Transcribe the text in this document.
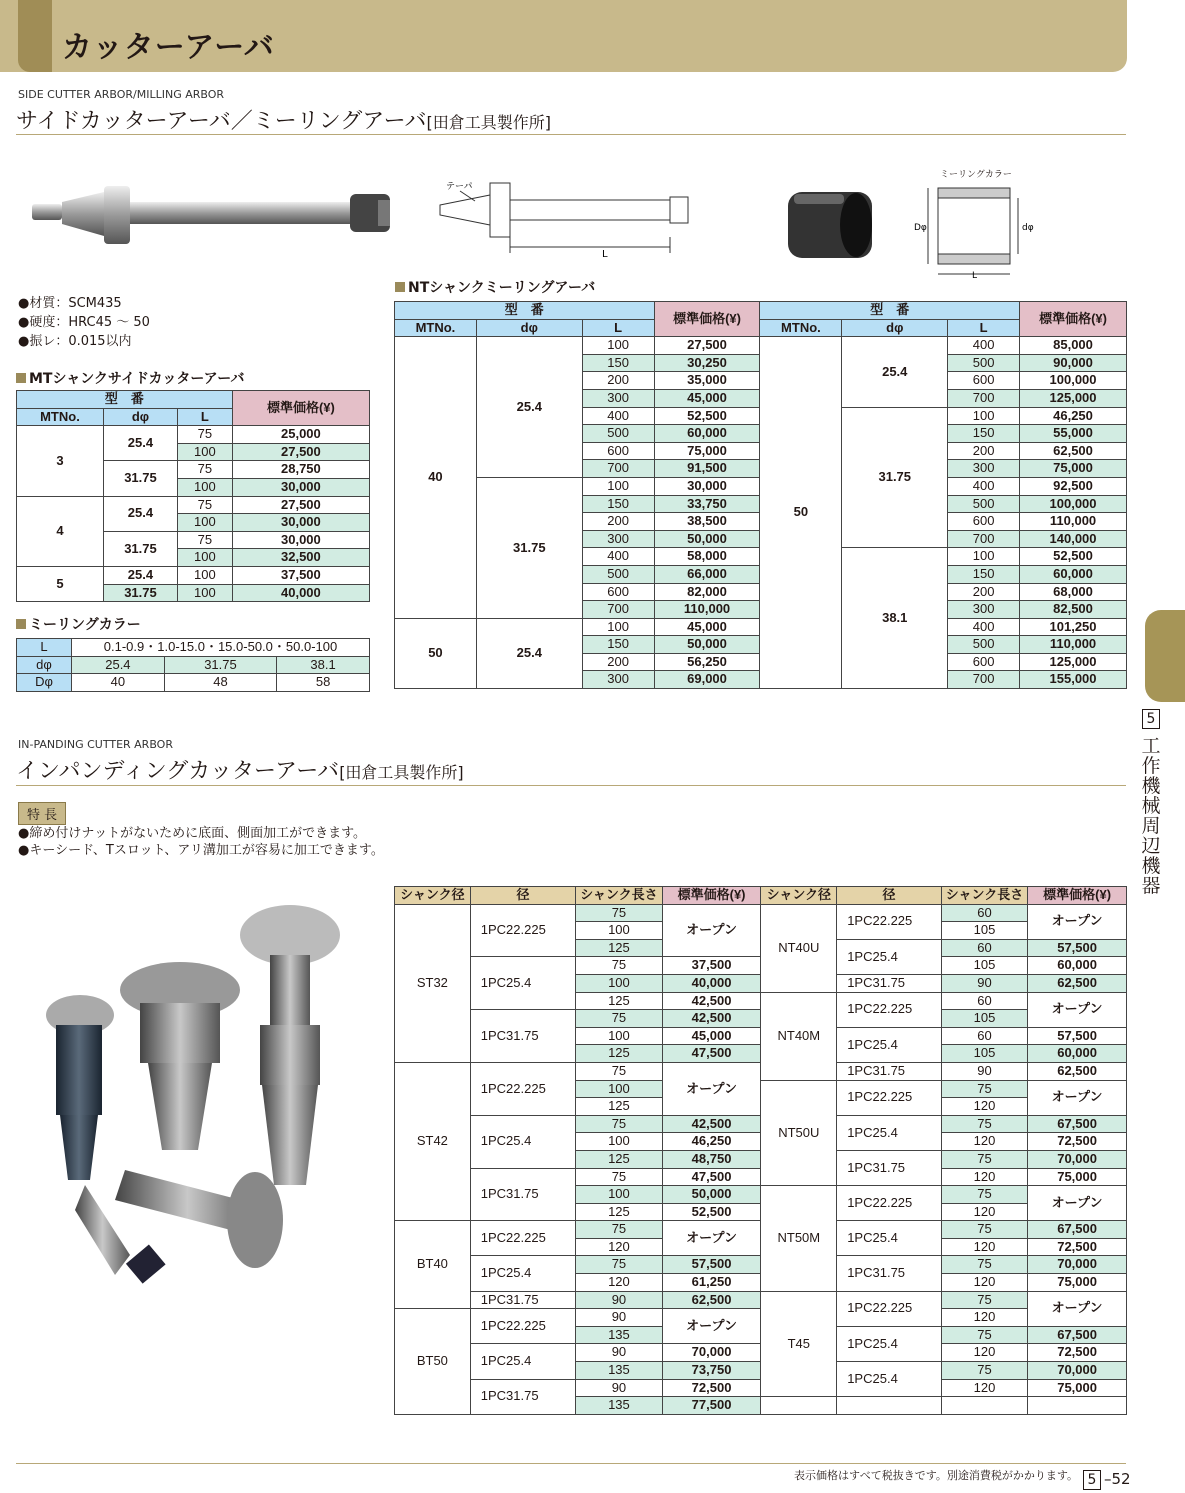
カッターアーバ
SIDE CUTTER ARBOR/MILLING ARBOR
サイドカッターアーバ／ミーリングアーバ[田倉工具製作所]
テーパ
L
ミーリングカラー
Dφ	dφ
L
●材質：SCM435
●硬度：HRC45 ～ 50
●振レ：0.015以内
MTシャンクサイドカッターアーバ
型　番			標準価格(¥)
MTNo.	dφ	L	
3	25.4	75	25,000
		100	27,500
	31.75	75	28,750
		100	30,000
4	25.4	75	27,500
		100	30,000
	31.75	75	30,000
		100	32,500
5	25.4	100	37,500
	31.75	100	40,000
ミーリングカラー
L	0.1-0.9・1.0-15.0・15.0-50.0・50.0-100		
dφ	25.4	31.75	38.1
Dφ	40	48	58
NTシャンクミーリングアーバ
型　番			標準価格(¥)	型　番			標準価格(¥)
MTNo.	dφ	L		MTNo.	dφ	L	
40	25.4	100	27,500	50	25.4	400	85,000
		150	30,250			500	90,000
		200	35,000			600	100,000
		300	45,000			700	125,000
		400	52,500		31.75	100	46,250
		500	60,000			150	55,000
		600	75,000			200	62,500
		700	91,500			300	75,000
	31.75	100	30,000			400	92,500
		150	33,750			500	100,000
		200	38,500			600	110,000
		300	50,000			700	140,000
		400	58,000		38.1	100	52,500
		500	66,000			150	60,000
		600	82,000			200	68,000
		700	110,000			300	82,500
50	25.4	100	45,000			400	101,250
		150	50,000			500	110,000
		200	56,250			600	125,000
		300	69,000			700	155,000
IN-PANDING CUTTER ARBOR
インパンディングカッターアーバ[田倉工具製作所]
特 長
●締め付けナットがないために底面、側面加工ができます。
●キーシード、Tスロット、アリ溝加工が容易に加工できます。
シャンク径	径	シャンク長さ	標準価格(¥)	シャンク径	径	シャンク長さ	標準価格(¥)
ST32	1PC22.225	75	オープン	NT40U	1PC22.225	60	オープン
		100				105	
		125			1PC25.4	60	57,500
	1PC25.4	75	37,500			105	60,000
		100	40,000		1PC31.75	90	62,500
		125	42,500	NT40M	1PC22.225	60	オープン
	1PC31.75	75	42,500			105	
		100	45,000		1PC25.4	60	57,500
		125	47,500			105	60,000
ST42	1PC22.225	75	オープン		1PC31.75	90	62,500
		100		NT50U	1PC22.225	75	オープン
		125				120	
	1PC25.4	75	42,500		1PC25.4	75	67,500
		100	46,250			120	72,500
		125	48,750		1PC31.75	75	70,000
	1PC31.75	75	47,500			120	75,000
		100	50,000	NT50M	1PC22.225	75	オープン
		125	52,500			120	
BT40	1PC22.225	75	オープン		1PC25.4	75	67,500
		120				120	72,500
	1PC25.4	75	57,500		1PC31.75	75	70,000
		120	61,250			120	75,000
	1PC31.75	90	62,500	T45	1PC22.225	75	オープン
BT50	1PC22.225	90	オープン			120	
		135			1PC25.4	75	67,500
	1PC25.4	90	70,000			120	72,500
		135	73,750		1PC25.4	75	70,000
	1PC31.75	90	72,500			120	75,000
		135	77,500				
5
工作機械周辺機器
表示価格はすべて税抜きです。別途消費税がかかります。 5 –52
